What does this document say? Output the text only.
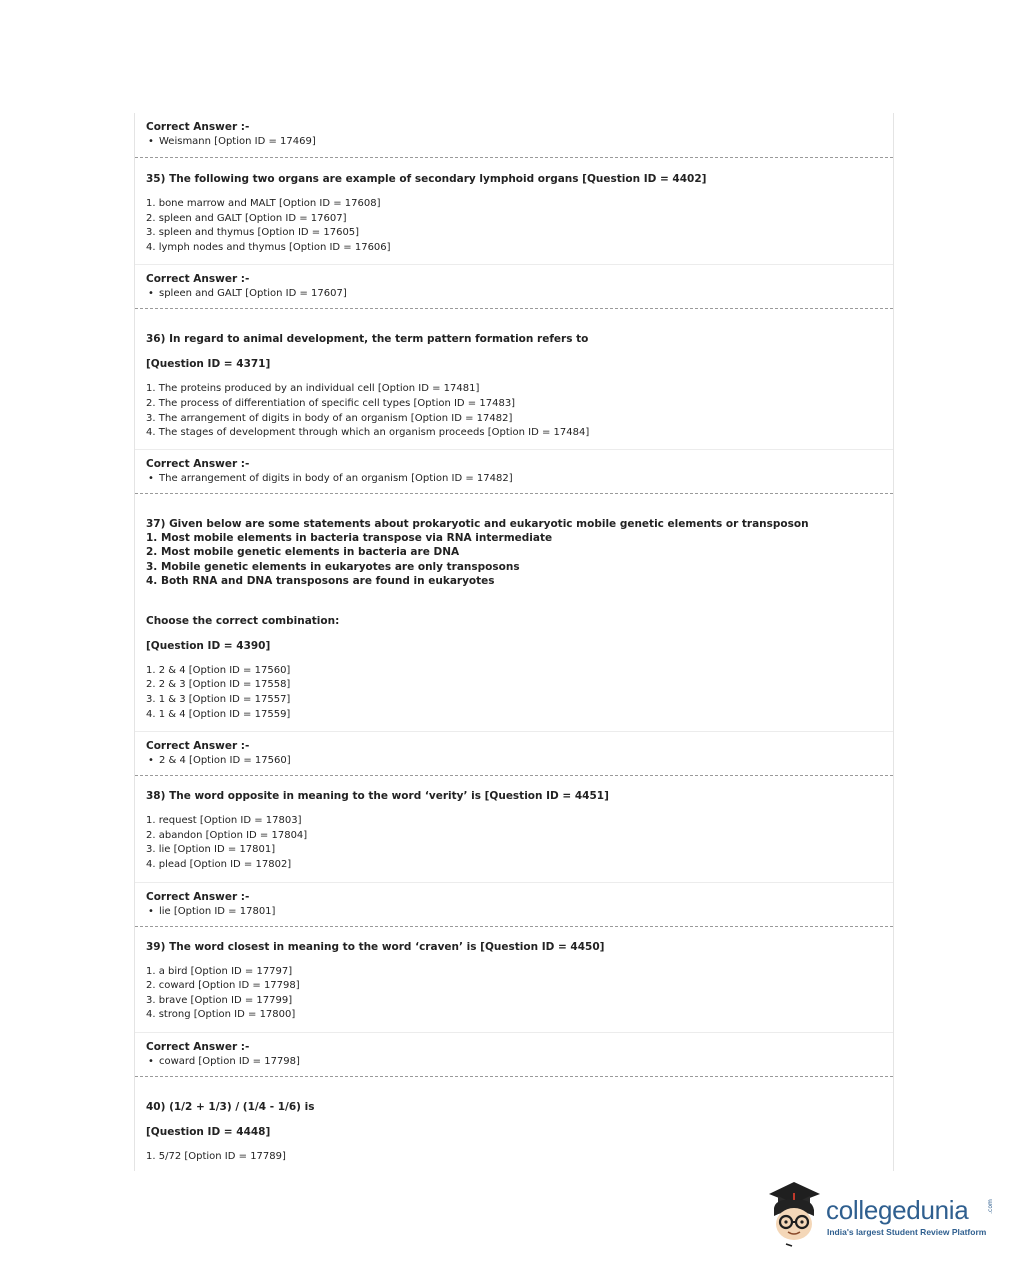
Correct Answer :-
• Weismann [Option ID = 17469]
35) The following two organs are example of secondary lymphoid organs [Question ID = 4402]
1. bone marrow and MALT [Option ID = 17608]
2. spleen and GALT [Option ID = 17607]
3. spleen and thymus [Option ID = 17605]
4. lymph nodes and thymus [Option ID = 17606]
Correct Answer :-
• spleen and GALT [Option ID = 17607]
36) In regard to animal development, the term pattern formation refers to
[Question ID = 4371]
1. The proteins produced by an individual cell [Option ID = 17481]
2. The process of differentiation of specific cell types [Option ID = 17483]
3. The arrangement of digits in body of an organism [Option ID = 17482]
4. The stages of development through which an organism proceeds [Option ID = 17484]
Correct Answer :-
• The arrangement of digits in body of an organism [Option ID = 17482]
37) Given below are some statements about prokaryotic and eukaryotic mobile genetic elements or transposon
1. Most mobile elements in bacteria transpose via RNA intermediate
2. Most mobile genetic elements in bacteria are DNA
3. Mobile genetic elements in eukaryotes are only transposons
4. Both RNA and DNA transposons are found in eukaryotes
Choose the correct combination:
[Question ID = 4390]
1. 2 & 4 [Option ID = 17560]
2. 2 & 3 [Option ID = 17558]
3. 1 & 3 [Option ID = 17557]
4. 1 & 4 [Option ID = 17559]
Correct Answer :-
• 2 & 4 [Option ID = 17560]
38) The word opposite in meaning to the word ‘verity’ is [Question ID = 4451]
1. request [Option ID = 17803]
2. abandon [Option ID = 17804]
3. lie [Option ID = 17801]
4. plead [Option ID = 17802]
Correct Answer :-
• lie [Option ID = 17801]
39) The word closest in meaning to the word ‘craven’ is [Question ID = 4450]
1. a bird [Option ID = 17797]
2. coward [Option ID = 17798]
3. brave [Option ID = 17799]
4. strong [Option ID = 17800]
Correct Answer :-
• coward [Option ID = 17798]
40) (1/2 + 1/3) / (1/4 - 1/6) is
[Question ID = 4448]
1. 5/72 [Option ID = 17789]
collegedunia	.com
India's largest Student Review Platform
